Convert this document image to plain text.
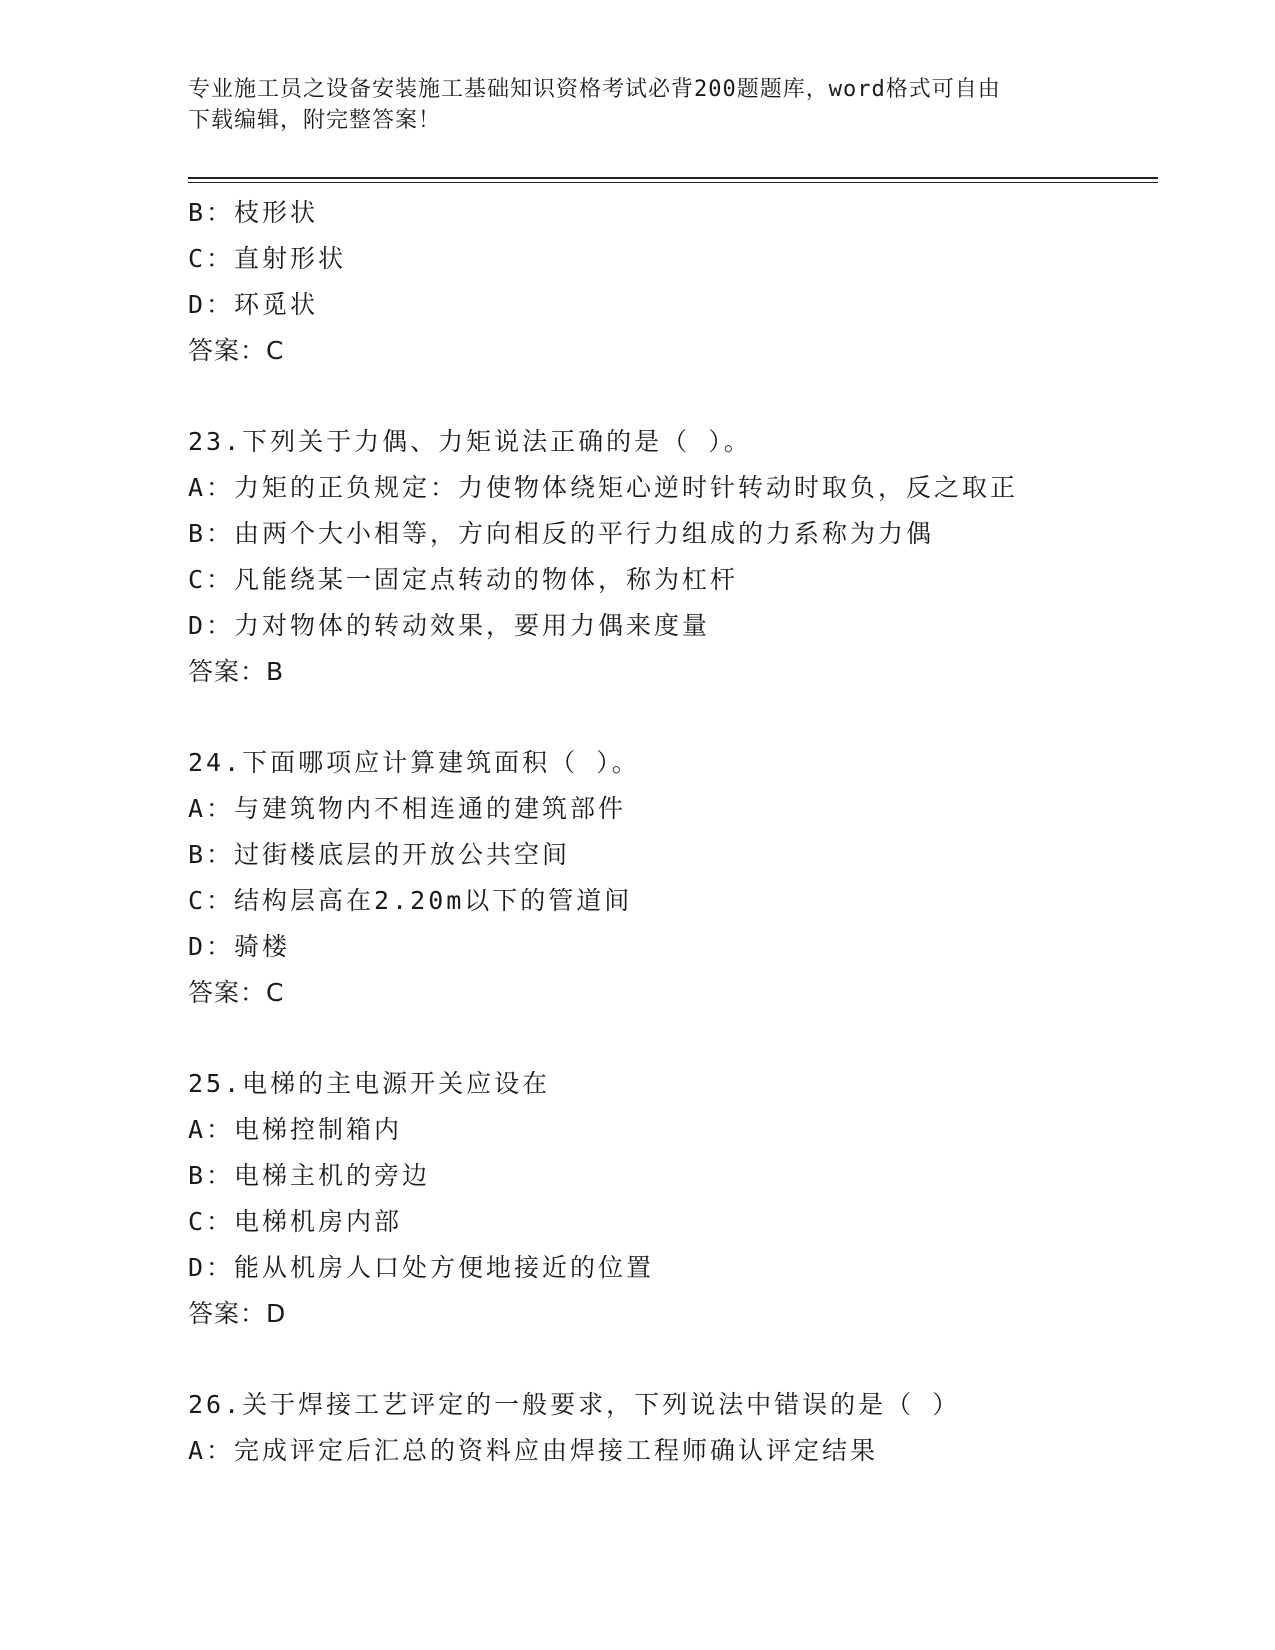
专业施工员之设备安装施工基础知识资格考试必背200题题库，word格式可自由
下载编辑，附完整答案！
B：枝形状
C：直射形状
D：环觅状
答案：C
23.下列关于力偶、力矩说法正确的是（ ）。
A：力矩的正负规定：力使物体绕矩心逆时针转动时取负，反之取正
B：由两个大小相等，方向相反的平行力组成的力系称为力偶
C：凡能绕某一固定点转动的物体，称为杠杆
D：力对物体的转动效果，要用力偶来度量
答案：B
24.下面哪项应计算建筑面积（ ）。
A：与建筑物内不相连通的建筑部件
B：过街楼底层的开放公共空间
C：结构层高在2.20m以下的管道间
D：骑楼
答案：C
25.电梯的主电源开关应设在
A：电梯控制箱内
B：电梯主机的旁边
C：电梯机房内部
D：能从机房人口处方便地接近的位置
答案：D
26.关于焊接工艺评定的一般要求，下列说法中错误的是（ ）
A：完成评定后汇总的资料应由焊接工程师确认评定结果
